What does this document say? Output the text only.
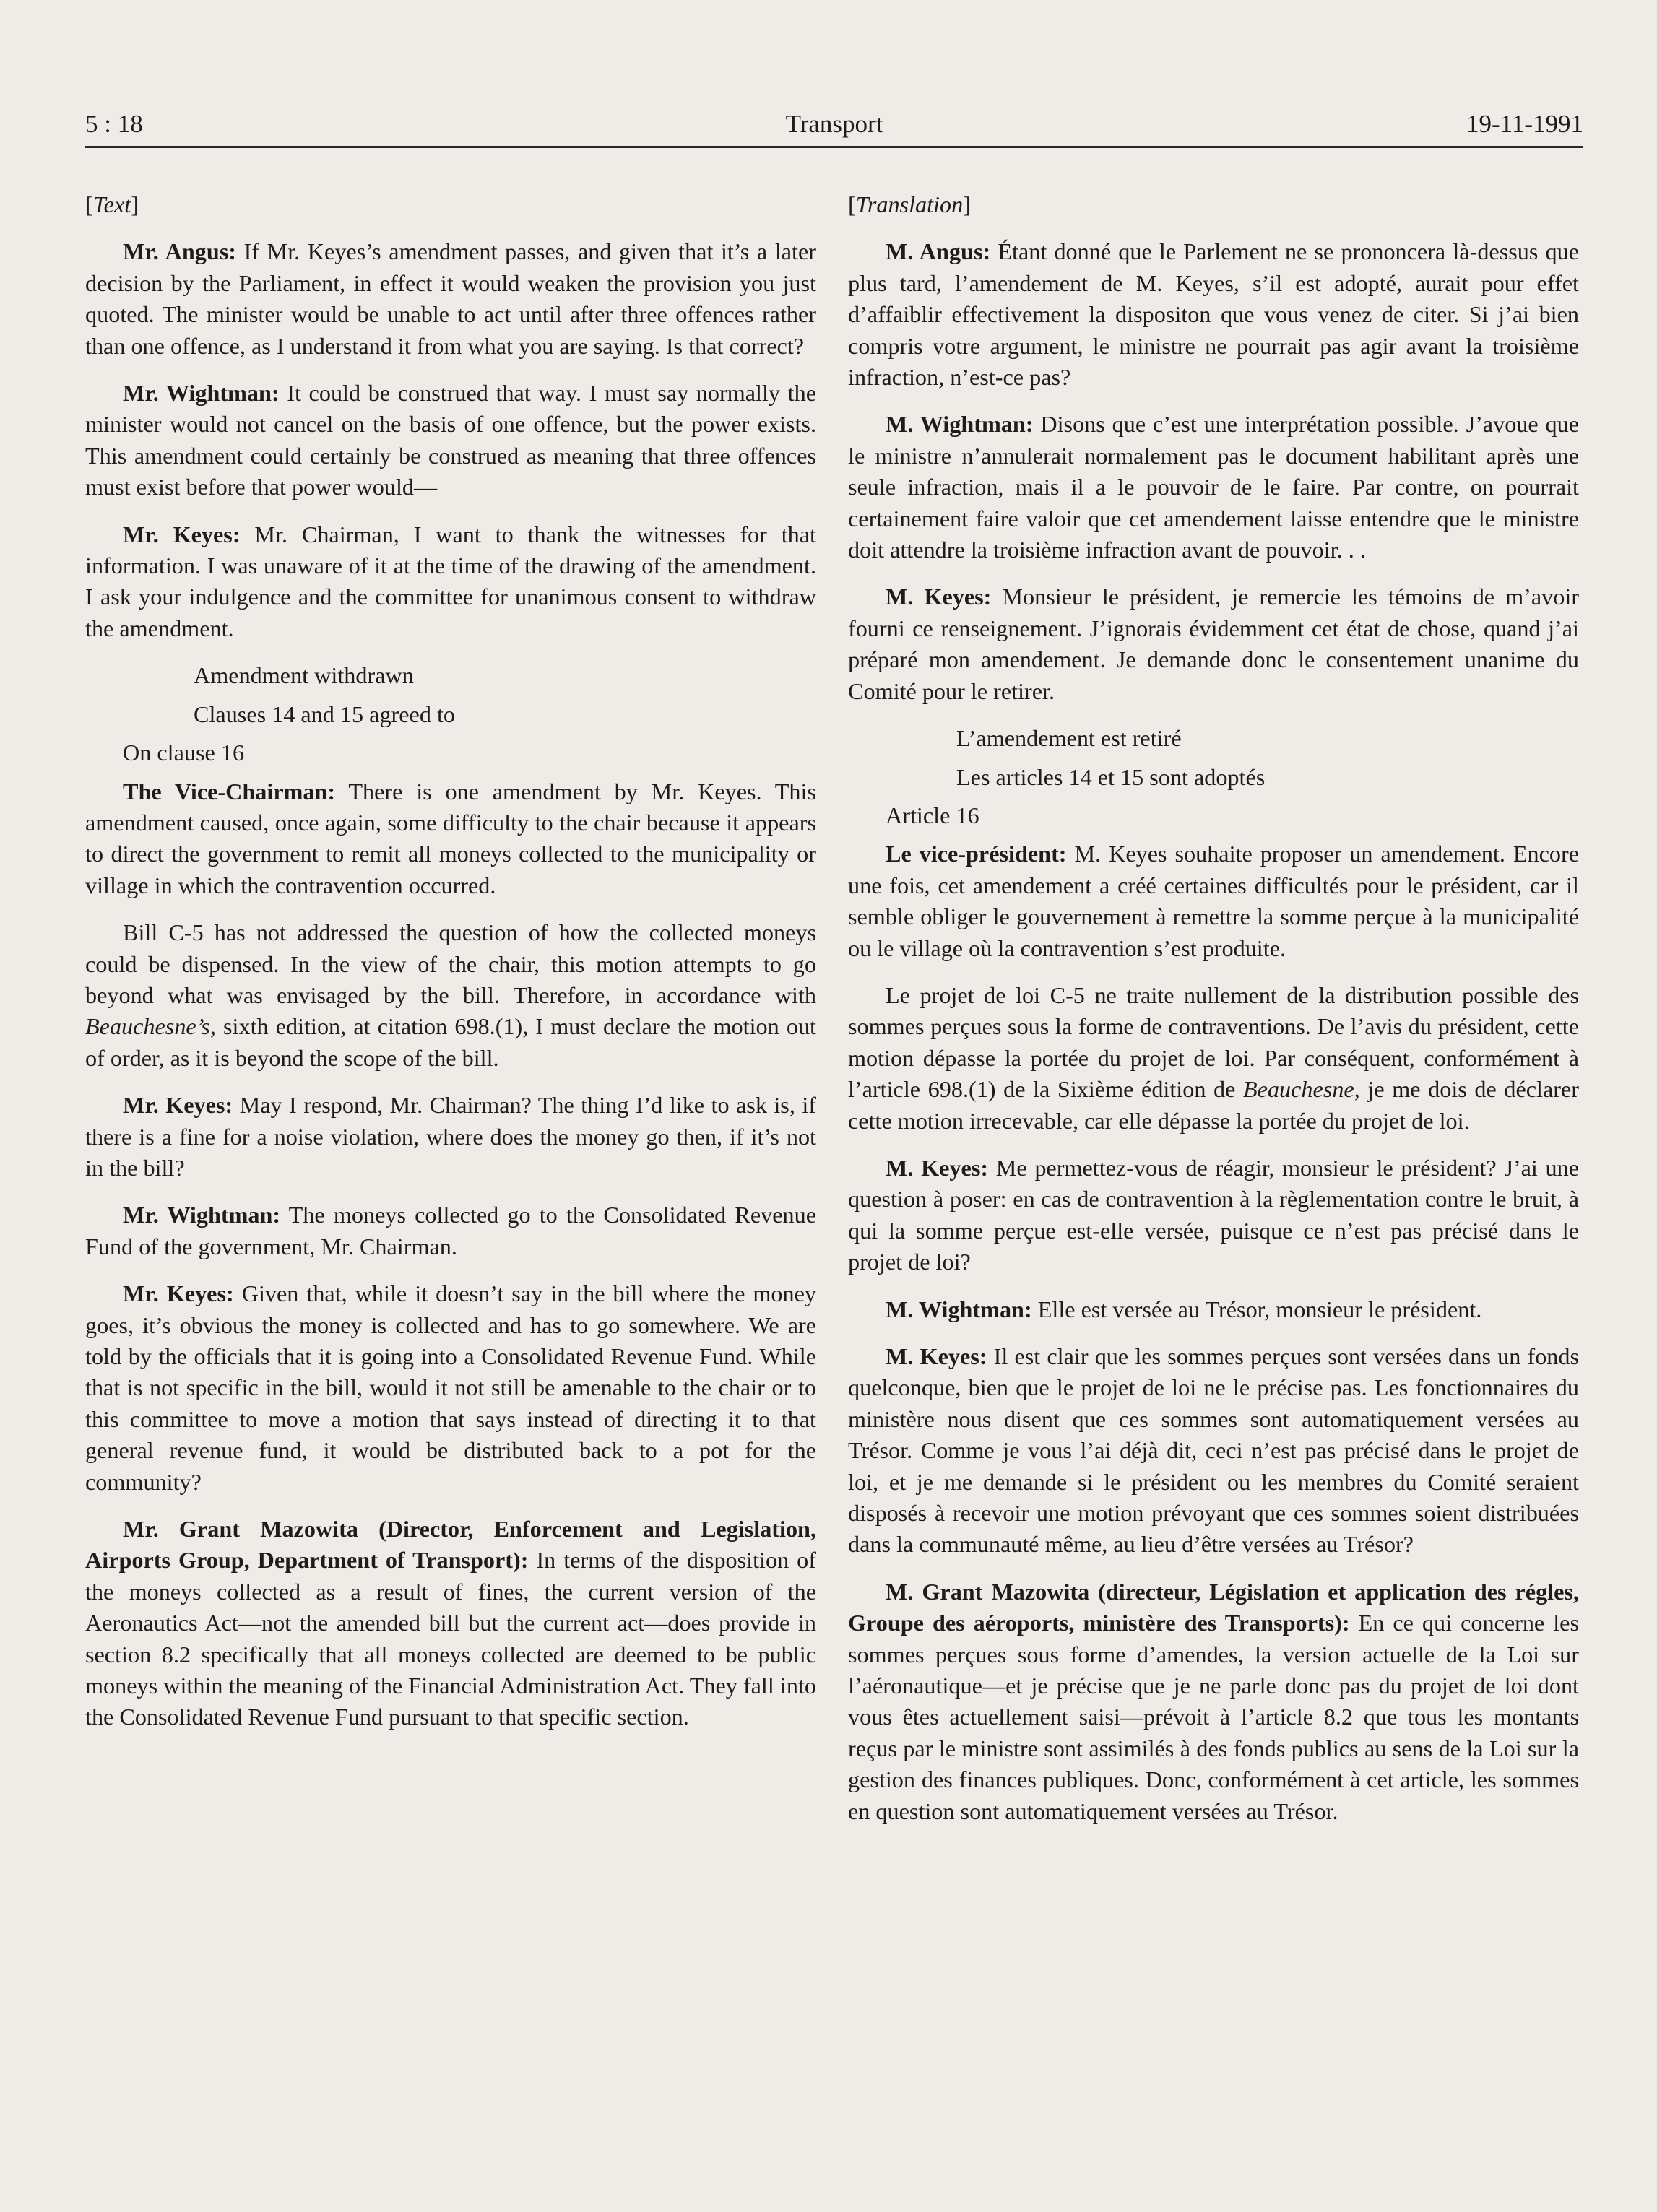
5 : 18	Transport	19-11-1991
[Text]

Mr. Angus: If Mr. Keyes’s amendment passes, and given that it’s a later decision by the Parliament, in effect it would weaken the provision you just quoted. The minister would be unable to act until after three offences rather than one offence, as I understand it from what you are saying. Is that correct?

Mr. Wightman: It could be construed that way. I must say normally the minister would not cancel on the basis of one offence, but the power exists. This amendment could certainly be construed as meaning that three offences must exist before that power would—

Mr. Keyes: Mr. Chairman, I want to thank the witnesses for that information. I was unaware of it at the time of the drawing of the amendment. I ask your indulgence and the committee for unanimous consent to withdraw the amendment.

Amendment withdrawn
Clauses 14 and 15 agreed to
On clause 16

The Vice-Chairman: There is one amendment by Mr. Keyes. This amendment caused, once again, some difficulty to the chair because it appears to direct the government to remit all moneys collected to the municipality or village in which the contravention occurred.

Bill C-5 has not addressed the question of how the collected moneys could be dispensed. In the view of the chair, this motion attempts to go beyond what was envisaged by the bill. Therefore, in accordance with Beauchesne’s, sixth edition, at citation 698.(1), I must declare the motion out of order, as it is beyond the scope of the bill.

Mr. Keyes: May I respond, Mr. Chairman? The thing I’d like to ask is, if there is a fine for a noise violation, where does the money go then, if it’s not in the bill?

Mr. Wightman: The moneys collected go to the Consolidated Revenue Fund of the government, Mr. Chairman.

Mr. Keyes: Given that, while it doesn’t say in the bill where the money goes, it’s obvious the money is collected and has to go somewhere. We are told by the officials that it is going into a Consolidated Revenue Fund. While that is not specific in the bill, would it not still be amenable to the chair or to this committee to move a motion that says instead of directing it to that general revenue fund, it would be distributed back to a pot for the community?

Mr. Grant Mazowita (Director, Enforcement and Legislation, Airports Group, Department of Transport): In terms of the disposition of the moneys collected as a result of fines, the current version of the Aeronautics Act—not the amended bill but the current act—does provide in section 8.2 specifically that all moneys collected are deemed to be public moneys within the meaning of the Financial Administration Act. They fall into the Consolidated Revenue Fund pursuant to that specific section.

[Translation]

M. Angus: Étant donné que le Parlement ne se prononcera là-dessus que plus tard, l’amendement de M. Keyes, s’il est adopté, aurait pour effet d’affaiblir effectivement la dispositon que vous venez de citer. Si j’ai bien compris votre argument, le ministre ne pourrait pas agir avant la troisième infraction, n’est-ce pas?

M. Wightman: Disons que c’est une interprétation possible. J’avoue que le ministre n’annulerait normalement pas le document habilitant après une seule infraction, mais il a le pouvoir de le faire. Par contre, on pourrait certainement faire valoir que cet amendement laisse entendre que le ministre doit attendre la troisième infraction avant de pouvoir. . .

M. Keyes: Monsieur le président, je remercie les témoins de m’avoir fourni ce renseignement. J’ignorais évidemment cet état de chose, quand j’ai préparé mon amendement. Je demande donc le consentement unanime du Comité pour le retirer.

L’amendement est retiré
Les articles 14 et 15 sont adoptés
Article 16

Le vice-président: M. Keyes souhaite proposer un amendement. Encore une fois, cet amendement a créé certaines difficultés pour le président, car il semble obliger le gouvernement à remettre la somme perçue à la municipalité ou le village où la contravention s’est produite.

Le projet de loi C-5 ne traite nullement de la distribution possible des sommes perçues sous la forme de contraventions. De l’avis du président, cette motion dépasse la portée du projet de loi. Par conséquent, conformément à l’article 698.(1) de la Sixième édition de Beauchesne, je me dois de déclarer cette motion irrecevable, car elle dépasse la portée du projet de loi.

M. Keyes: Me permettez-vous de réagir, monsieur le président? J’ai une question à poser: en cas de contravention à la règlementation contre le bruit, à qui la somme perçue est-elle versée, puisque ce n’est pas précisé dans le projet de loi?

M. Wightman: Elle est versée au Trésor, monsieur le président.

M. Keyes: Il est clair que les sommes perçues sont versées dans un fonds quelconque, bien que le projet de loi ne le précise pas. Les fonctionnaires du ministère nous disent que ces sommes sont automatiquement versées au Trésor. Comme je vous l’ai déjà dit, ceci n’est pas précisé dans le projet de loi, et je me demande si le président ou les membres du Comité seraient disposés à recevoir une motion prévoyant que ces sommes soient distribuées dans la communauté même, au lieu d’être versées au Trésor?

M. Grant Mazowita (directeur, Législation et application des régles, Groupe des aéroports, ministère des Transports): En ce qui concerne les sommes perçues sous forme d’amendes, la version actuelle de la Loi sur l’aéronautique—et je précise que je ne parle donc pas du projet de loi dont vous êtes actuellement saisi—prévoit à l’article 8.2 que tous les montants reçus par le ministre sont assimilés à des fonds publics au sens de la Loi sur la gestion des finances publiques. Donc, conformément à cet article, les sommes en question sont automatiquement versées au Trésor.
